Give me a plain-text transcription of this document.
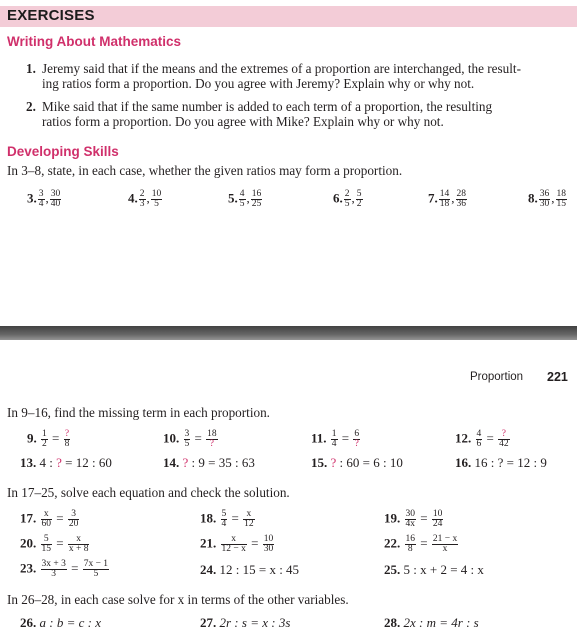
EXERCISES
Writing About Mathematics
1. Jeremy said that if the means and the extremes of a proportion are interchanged, the result-
ing ratios form a proportion. Do you agree with Jeremy? Explain why or why not.
2. Mike said that if the same number is added to each term of a proportion, the resulting
ratios form a proportion. Do you agree with Mike? Explain why or why not.
Developing Skills
In 3–8, state, in each case, whether the given ratios may form a proportion.
3. $\frac{3}{4}$ , $\frac{30}{40}$	4. $\frac{2}{3}$ , $\frac{10}{5}$	5. $\frac{4}{5}$ , $\frac{16}{25}$	6. $\frac{2}{5}$ , $\frac{5}{2}$	7. $\frac{14}{18}$ , $\frac{28}{36}$	8. $\frac{36}{30}$ , $\frac{18}{15}$
Proportion 221
In 9–16, find the missing term in each proportion.
9. $\frac{1}{2} = \frac{?}{8}$	10. $\frac{3}{5} = \frac{18}{?}$	11. $\frac{1}{4} = \frac{6}{?}$	12. $\frac{4}{6} = \frac{?}{42}$
13. 4 : ? = 12 : 60	14. ? : 9 = 35 : 63	15. ? : 60 = 6 : 10	16. 16 : ? = 12 : 9
In 17–25, solve each equation and check the solution.
17. $\frac{x}{60} = \frac{3}{20}$	18. $\frac{5}{4} = \frac{x}{12}$	19. $\frac{30}{4x} = \frac{10}{24}$
20. $\frac{5}{15} = \frac{x}{x + 8}$	21. $\frac{x}{12 - x} = \frac{10}{30}$	22. $\frac{16}{8} = \frac{21 - x}{x}$
23. $\frac{3x + 3}{3} = \frac{7x - 1}{5}$	24. 12 : 15 = x : 45	25. 5 : x + 2 = 4 : x
In 26–28, in each case solve for x in terms of the other variables.
26. a : b = c : x	27. 2r : s = x : 3s	28. 2x : m = 4r : s
